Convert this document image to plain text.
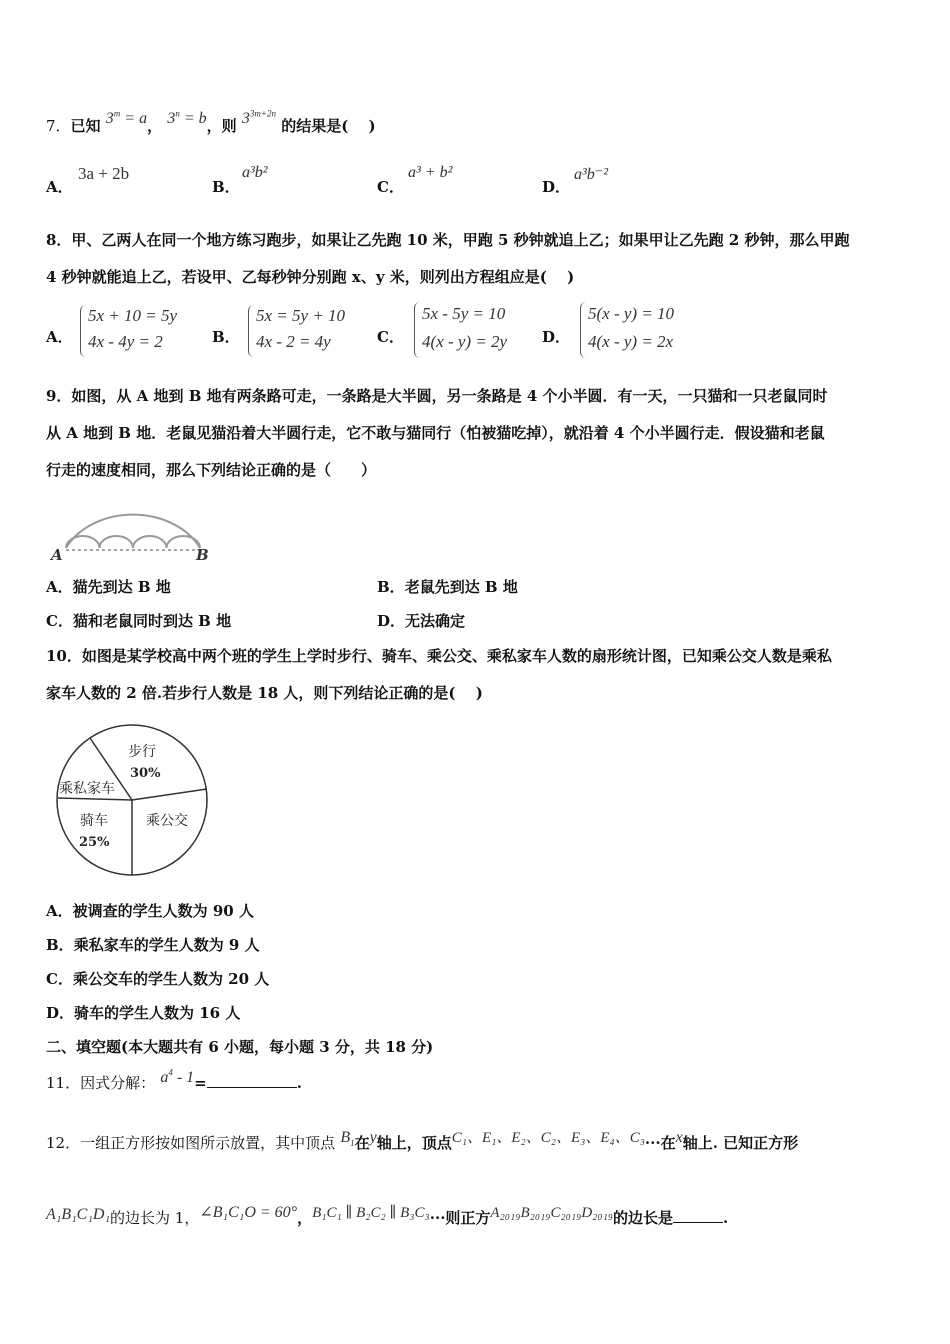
7．已知 $3^m = a$， $3^n = b$，则 $3^{3m+2n}$ 的结果是(　 )
A．
3a + 2b
B．
a³b²
C．
a³ + b²
D．
a³b⁻²
8．甲、乙两人在同一个地方练习跑步，如果让乙先跑 10 米，甲跑 5 秒钟就追上乙；如果甲让乙先跑 2 秒钟，那么甲跑
4 秒钟就能追上乙，若设甲、乙每秒钟分别跑 x、y 米，则列出方程组应是(　 )
A．
5x + 10 = 5y
4x - 4y = 2	B．
5x = 5y + 10
4x - 2 = 4y	C．
5x - 5y = 10
4(x - y) = 2y D．
5(x - y) = 10
4(x - y) = 2x
9．如图，从 A 地到 B 地有两条路可走，一条路是大半圆，另一条路是 4 个小半圆．有一天，一只猫和一只老鼠同时
从 A 地到 B 地．老鼠见猫沿着大半圆行走，它不敢与猫同行（怕被猫吃掉），就沿着 4 个小半圆行走．假设猫和老鼠
行走的速度相同，那么下列结论正确的是（　　）
A	B
A．猫先到达 B 地	B．老鼠先到达 B 地
C．猫和老鼠同时到达 B 地	D．无法确定
10．如图是某学校高中两个班的学生上学时步行、骑车、乘公交、乘私家车人数的扇形统计图，已知乘公交人数是乘私
家车人数的 2 倍.若步行人数是 18 人，则下列结论正确的是(　 )
步行
30%
乘私家车
骑车
25%
乘公交
A．被调查的学生人数为 90 人
B．乘私家车的学生人数为 9 人
C．乘公交车的学生人数为 20 人
D．骑车的学生人数为 16 人
二、填空题(本大题共有 6 小题，每小题 3 分，共 18 分)
11．因式分解： $a^4 - 1=$	.
12．一组正方形按如图所示放置，其中顶点 $B_1$在y轴上，顶点C₁、E₁、E₂、C₂、E₃、E₄、C₃···在x轴上. 已知正方形
A₁B₁C₁D₁的边长为 1，∠B₁C₁O = 60°，B₁C₁ ∥ B₂C₂ ∥ B₃C₃···则正方A₂₀₁₉B₂₀₁₉C₂₀₁₉D₂₀₁₉的边长是	.
